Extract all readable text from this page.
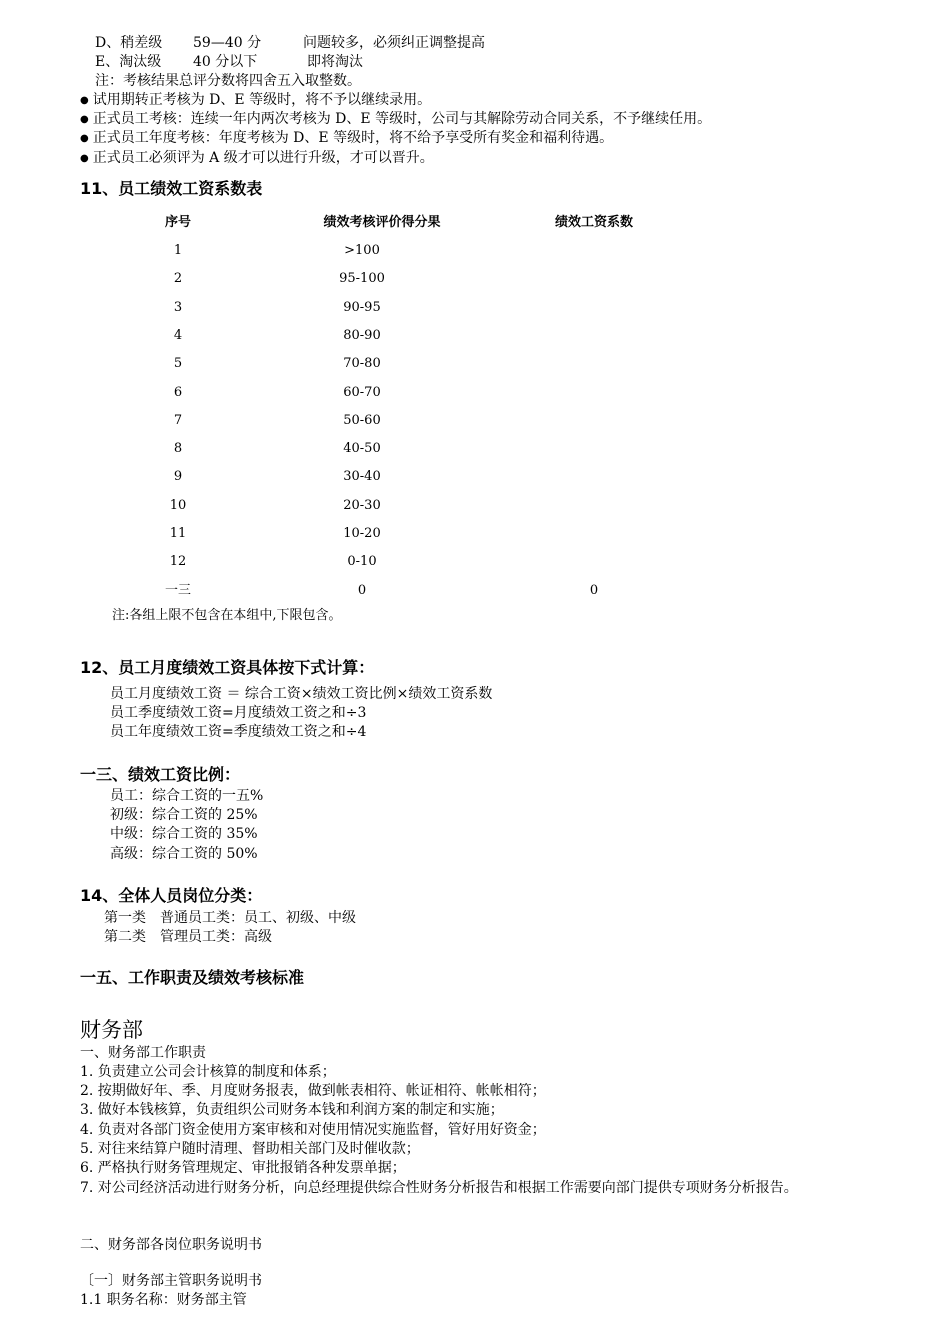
D、稍差级 59—40 分	问题较多，必须纠正调整提高
E、淘汰级 40 分以下	即将淘汰
注：考核结果总评分数将四舍五入取整数。
● 试用期转正考核为 D、E 等级时，将不予以继续录用。
● 正式员工考核：连续一年内两次考核为 D、E 等级时，公司与其解除劳动合同关系，不予继续任用。
● 正式员工年度考核：年度考核为 D、E 等级时，将不给予享受所有奖金和福利待遇。
● 正式员工必须评为 A 级才可以进行升级，才可以晋升。
11、员工绩效工资系数表
序号	绩效考核评价得分果	绩效工资系数
1	>100
2	95-100
3	90-95
4	80-90
5	70-80
6	60-70
7	50-60
8	40-50
9	30-40
10	20-30
11	10-20
12	0-10
一三	0	0
注:各组上限不包含在本组中,下限包含。
12、员工月度绩效工资具体按下式计算：
员工月度绩效工资 ＝ 综合工资×绩效工资比例×绩效工资系数
员工季度绩效工资=月度绩效工资之和÷3
员工年度绩效工资=季度绩效工资之和÷4
一三、绩效工资比例：
员工：综合工资的一五%
初级：综合工资的 25%
中级：综合工资的 35%
高级：综合工资的 50%
14、全体人员岗位分类：
第一类　普通员工类：员工、初级、中级
第二类　管理员工类：高级
一五、工作职责及绩效考核标准
财务部
一、财务部工作职责
1. 负责建立公司会计核算的制度和体系；
2. 按期做好年、季、月度财务报表，做到帐表相符、帐证相符、帐帐相符；
3. 做好本钱核算，负责组织公司财务本钱和利润方案的制定和实施；
4. 负责对各部门资金使用方案审核和对使用情况实施监督，管好用好资金；
5. 对往来结算户随时清理、督助相关部门及时催收款；
6. 严格执行财务管理规定、审批报销各种发票单据；
7. 对公司经济活动进行财务分析，向总经理提供综合性财务分析报告和根据工作需要向部门提供专项财务分析报告。
二、财务部各岗位职务说明书
〔一〕财务部主管职务说明书
1.1 职务名称：财务部主管
